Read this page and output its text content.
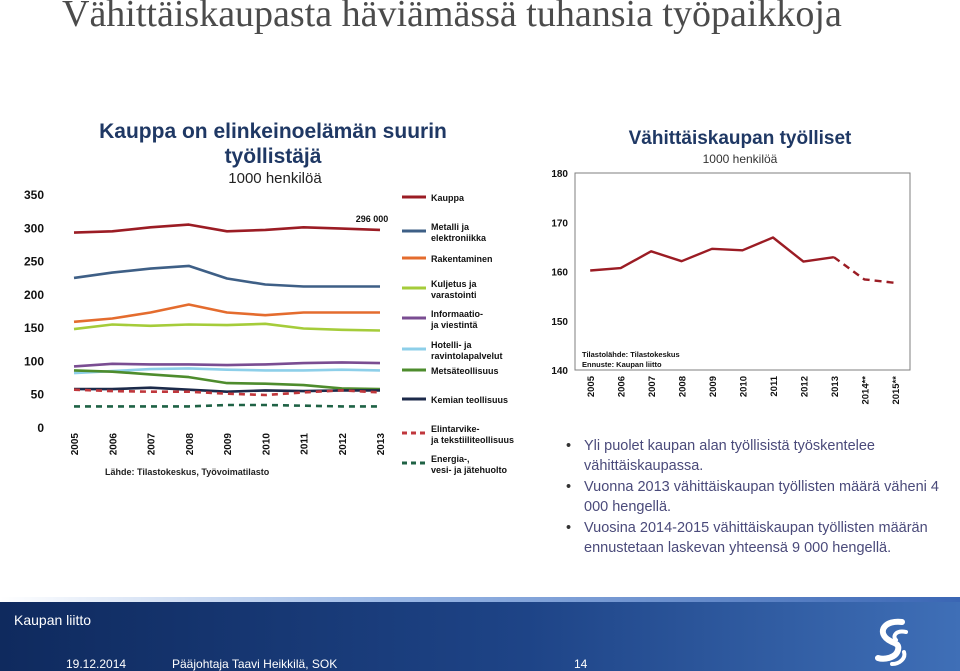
Vähittäiskaupasta häviämässä tuhansia työpaikkoja
Kauppa on elinkeinoelämän suurin työllistäjä
1000 henkilöä
0
50
100
150
200
250
300
350
2005	2006	2007	2008	2009	2010	2011	2012	2013
296 000
Kauppa
Metalli ja elektroniikka
Rakentaminen
Kuljetus ja varastointi
Informaatio-ja viestintä
Hotelli- ja ravintolapalvelut
Metsäteollisuus
Kemian teollisuus
Elintarvike-ja tekstiiliteollisuus
Energia-, vesi- ja jätehuolto
Lähde: Tilastokeskus, Työvoimatilasto
Vähittäiskaupan työlliset
1000 henkilöä
140
150
160
170
180
2005 2006 2007 2008 2009 2010 2011 2012 2013 2014** 2015**
Tilastolähde: Tilastokeskus
Ennuste: Kaupan liitto
• Yli puolet kaupan alan työllisistä työskentelee vähittäiskaupassa.
• Vuonna 2013 vähittäiskaupan työllisten määrä väheni 4 000 hengellä.
• Vuosina 2014-2015 vähittäiskaupan työllisten määrän ennustetaan laskevan yhteensä 9 000 hengellä.
Kaupan liitto
19.12.2014	Pääjohtaja Taavi Heikkilä, SOK	14
